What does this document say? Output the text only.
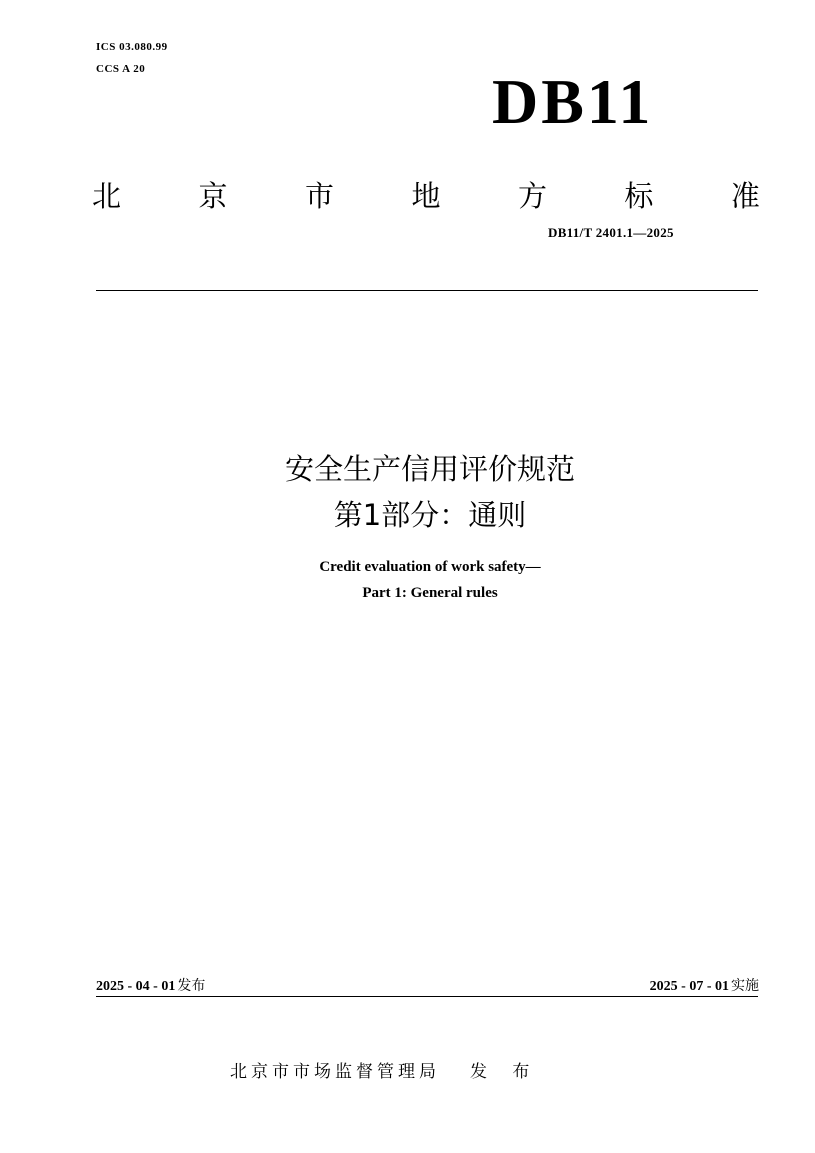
ICS 03.080.99
CCS A 20	DB11
北	京	市	地	方	标	准
DB11/T 2401.1—2025
安全生产信用评价规范
第1部分：通则
Credit evaluation of work safety—
Part 1: General rules
2025 - 04 - 01 发布	2025 - 07 - 01 实施
北京市市场监督管理局 发 布
